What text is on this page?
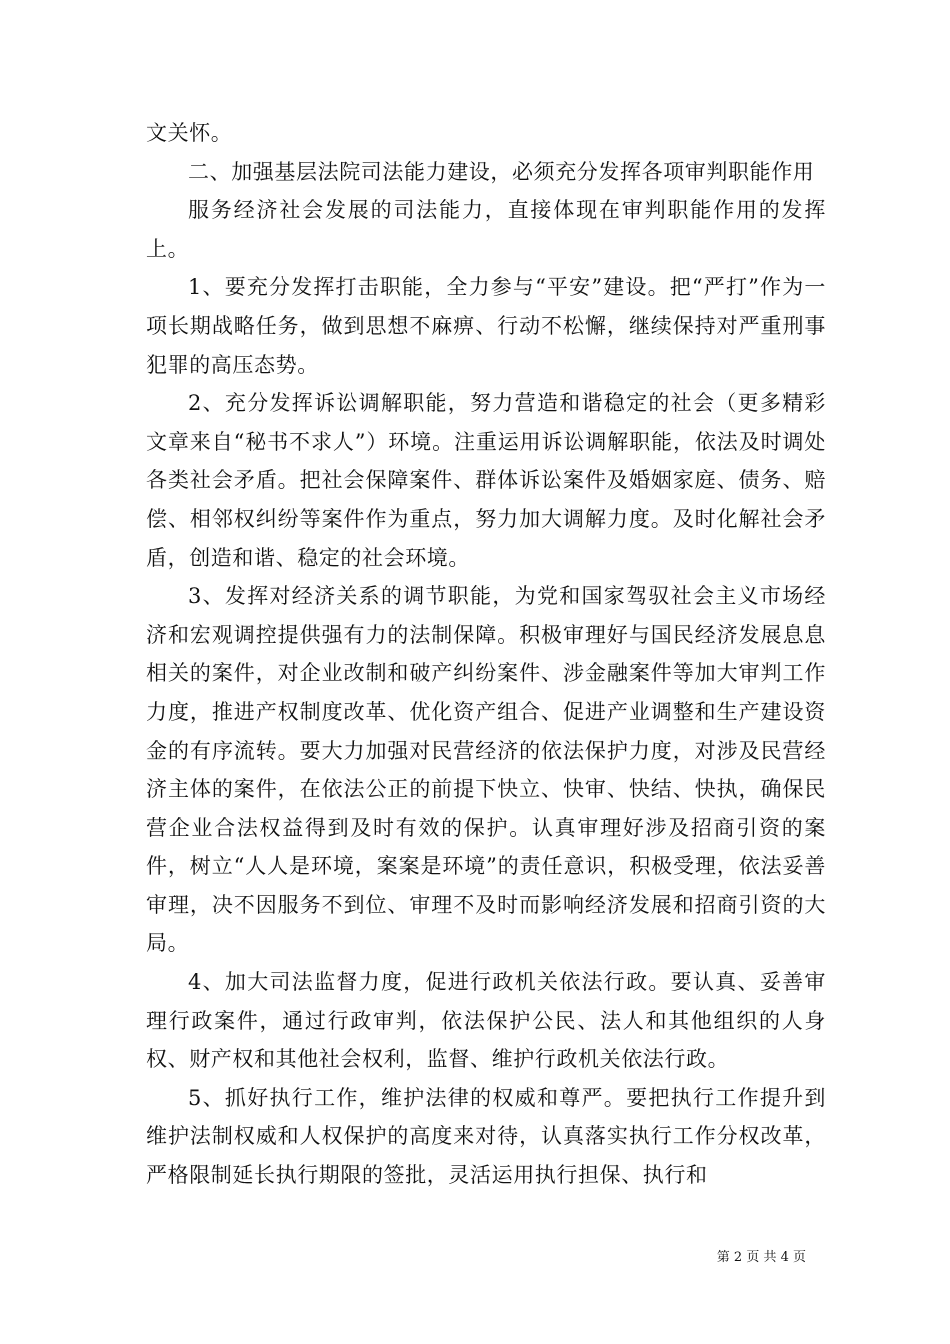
文关怀。

二、加强基层法院司法能力建设，必须充分发挥各项审判职能作用

服务经济社会发展的司法能力，直接体现在审判职能作用的发挥上。

1、要充分发挥打击职能，全力参与“平安”建设。把“严打”作为一项长期战略任务，做到思想不麻痹、行动不松懈，继续保持对严重刑事犯罪的高压态势。

2、充分发挥诉讼调解职能，努力营造和谐稳定的社会（更多精彩文章来自“秘书不求人”）环境。注重运用诉讼调解职能，依法及时调处各类社会矛盾。把社会保障案件、群体诉讼案件及婚姻家庭、债务、赔偿、相邻权纠纷等案件作为重点，努力加大调解力度。及时化解社会矛盾，创造和谐、稳定的社会环境。

3、发挥对经济关系的调节职能，为党和国家驾驭社会主义市场经济和宏观调控提供强有力的法制保障。积极审理好与国民经济发展息息相关的案件，对企业改制和破产纠纷案件、涉金融案件等加大审判工作力度，推进产权制度改革、优化资产组合、促进产业调整和生产建设资金的有序流转。要大力加强对民营经济的依法保护力度，对涉及民营经济主体的案件，在依法公正的前提下快立、快审、快结、快执，确保民营企业合法权益得到及时有效的保护。认真审理好涉及招商引资的案件，树立“人人是环境，案案是环境”的责任意识，积极受理，依法妥善审理，决不因服务不到位、审理不及时而影响经济发展和招商引资的大局。

4、加大司法监督力度，促进行政机关依法行政。要认真、妥善审理行政案件，通过行政审判，依法保护公民、法人和其他组织的人身权、财产权和其他社会权利，监督、维护行政机关依法行政。

5、抓好执行工作，维护法律的权威和尊严。要把执行工作提升到维护法制权威和人权保护的高度来对待，认真落实执行工作分权改革，严格限制延长执行期限的签批，灵活运用执行担保、执行和

第 2 页 共 4 页
